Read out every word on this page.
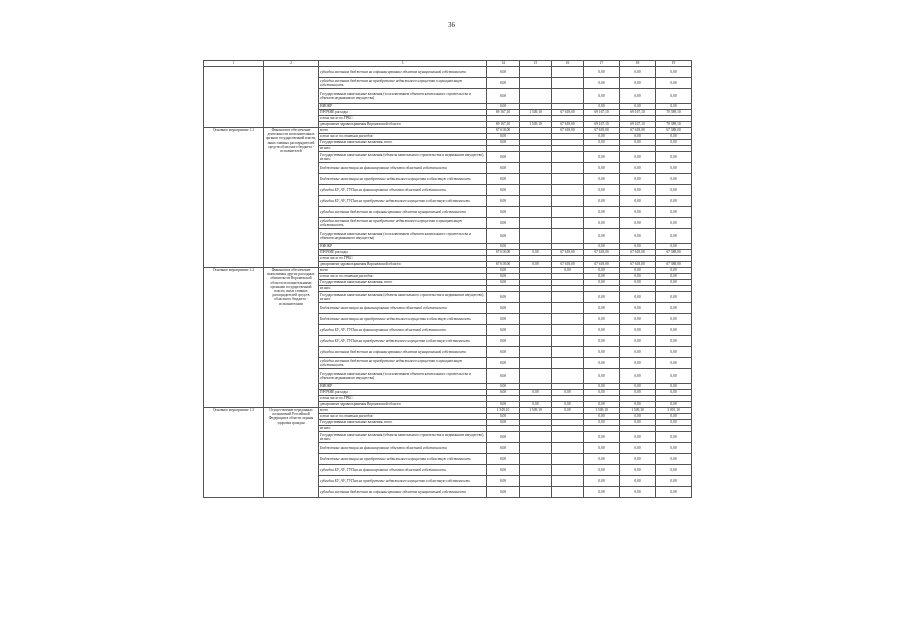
36
1	2	3	14	15	16	17	18	19
		субсидии местным бюджетам на софинансирование объектов муниципальной собственности	0,00			0,00	0,00	0,00
		субсидии местным бюджетам на приобретение недвижимого имущества в муниципальную собственность	0,00			0,00	0,00	0,00
		Государственные капитальные вложения (за исключением объектов капитального строительства и объектов недвижимого имущества)	0,00			0,00	0,00	0,00
		НИОКР	0,00			0,00	0,00	0,00
		ПРОЧИЕ расходы	69 167,10	1 549,10	67 618,00	69 167,10	69 167,10	70 389,10
		в том числе по ГРБС:						
		департамент здравоохранения Воронежской области	69 167,10	1 549,10	67 618,00	69 167,10	69 167,10	70 389,10
Основное мероприятие 1.1	Финансовое обеспечение деятельности исполнительных органов государственной власти, иных главных распорядителей средств областного бюджета - исполнителей	всего	67 618,00		67 618,00	67 618,00	67 618,00	67 388,00
		в том числе по статьям расходов:	0,00			0,00	0,00	0,00
		Государственные капитальные вложения, всего	0,00			0,00	0,00	0,00
		из них:						
		Государственные капитальные вложения (объекты капитального строительства и недвижимое имущество), из них:	0,00			0,00	0,00	0,00
		Бюджетные инвестиции на финансирование объектов областной собственности	0,00			0,00	0,00	0,00
		Бюджетные инвестиции на приобретение недвижимого имущества в областную собственность	0,00			0,00	0,00	0,00
		субсидии БУ, АУ, ГУПам на финансирование объектов областной собственности	0,00			0,00	0,00	0,00
		субсидии БУ, АУ, ГУПам на приобретение недвижимого имущества в областную собственность	0,00			0,00	0,00	0,00
		субсидии местным бюджетам на софинансирование объектов муниципальной собственности	0,00			0,00	0,00	0,00
		субсидии местным бюджетам на приобретение недвижимого имущества в муниципальную собственность	0,00			0,00	0,00	0,00
		Государственные капитальные вложения (за исключением объектов капитального строительства и объектов недвижимого имущества)	0,00			0,00	0,00	0,00
		НИОКР	0,00			0,00	0,00	0,00
		ПРОЧИЕ расходы	67 618,00	0,00	67 618,00	67 618,00	67 618,00	67 388,00
		в том числе по ГРБС:						
		департамент здравоохранения Воронежской области	67 618,00	0,00	67 618,00	67 618,00	67 618,00	67 388,00
Основное мероприятие 1.2	Финансовое обеспечение выполнения других расходных обязательств Воронежской области исполнительными органами государственной власти, иных главных распорядителей средств областного бюджета - исполнителями	всего	0,00		0,00	0,00	0,00	0,00
		в том числе по статьям расходов:	0,00			0,00	0,00	0,00
		Государственные капитальные вложения, всего	0,00			0,00	0,00	0,00
		из них:						
		Государственные капитальные вложения (объекты капитального строительства и недвижимое имущество), из них:	0,00			0,00	0,00	0,00
		Бюджетные инвестиции на финансирование объектов областной собственности	0,00			0,00	0,00	0,00
		Бюджетные инвестиции на приобретение недвижимого имущества в областную собственность	0,00			0,00	0,00	0,00
		субсидии БУ, АУ, ГУПам на финансирование объектов областной собственности	0,00			0,00	0,00	0,00
		субсидии БУ, АУ, ГУПам на приобретение недвижимого имущества в областную собственность	0,00			0,00	0,00	0,00
		субсидии местным бюджетам на софинансирование объектов муниципальной собственности	0,00			0,00	0,00	0,00
		субсидии местным бюджетам на приобретение недвижимого имущества в муниципальную собственность	0,00			0,00	0,00	0,00
		Государственные капитальные вложения (за исключением объектов капитального строительства и объектов недвижимого имущества)	0,00			0,00	0,00	0,00
		НИОКР	0,00			0,00	0,00	0,00
		ПРОЧИЕ расходы	0,00	0,00	0,00	0,00	0,00	0,00
		в том числе по ГРБС:						
		департамент здравоохранения Воронежской области	0,00	0,00	0,00	0,00	0,00	0,00
Основное мероприятие 1.3	Осуществление переданных полномочий Российской Федерации в области охраны здоровья граждан	всего	1 549,10	1 549,10	0,00	1 549,10	1 549,10	3 001,10
		в том числе по статьям расходов:	0,00			0,00	0,00	0,00
		Государственные капитальные вложения, всего	0,00			0,00	0,00	0,00
		из них:						
		Государственные капитальные вложения (объекты капитального строительства и недвижимое имущество), из них:	0,00			0,00	0,00	0,00
		Бюджетные инвестиции на финансирование объектов областной собственности	0,00			0,00	0,00	0,00
		Бюджетные инвестиции на приобретение недвижимого имущества в областную собственность	0,00			0,00	0,00	0,00
		субсидии БУ, АУ, ГУПам на финансирование объектов областной собственности	0,00			0,00	0,00	0,00
		субсидии БУ, АУ, ГУПам на приобретение недвижимого имущества в областную собственность	0,00			0,00	0,00	0,00
		субсидии местным бюджетам на софинансирование объектов муниципальной собственности	0,00			0,00	0,00	0,00
